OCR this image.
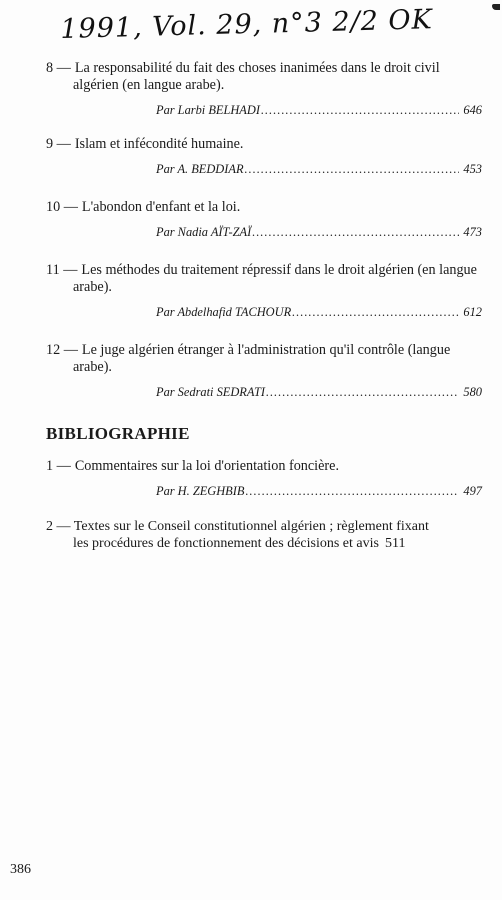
1991, Vol. 29, n°3 2/2 OK
8 — La responsabilité du fait des choses inanimées dans le droit civil algérien (en langue arabe).
Par Larbi BELHADI .....	646
9 — Islam et infécondité humaine.
Par A. BEDDIAR .....	453
10 — L'abondon d'enfant et la loi.
Par Nadia AÏT-ZAÏ .....	473
11 — Les méthodes du traitement répressif dans le droit algérien (en langue arabe).
Par Abdelhafid TACHOUR .....	612
12 — Le juge algérien étranger à l'administration qu'il contrôle (langue arabe).
Par Sedrati SEDRATI .....	580
BIBLIOGRAPHIE
1 — Commentaires sur la loi d'orientation foncière.
Par H. ZEGHBIB .....	497
2 — Textes sur le Conseil constitutionnel algérien ; règlement fixant
les procédures de fonctionnement des décisions et avis 511
386
